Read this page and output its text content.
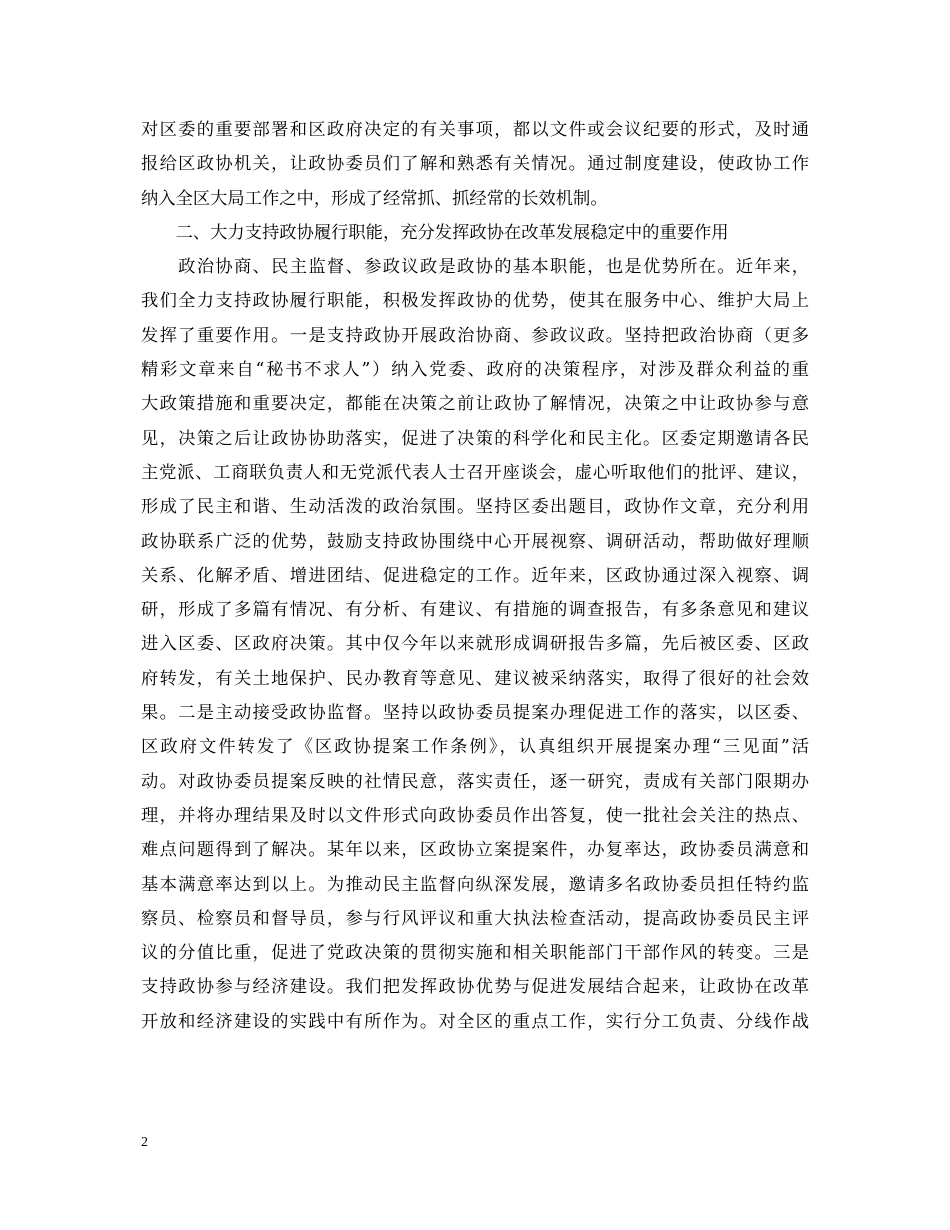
对区委的重要部署和区政府决定的有关事项，都以文件或会议纪要的形式，及时通
报给区政协机关，让政协委员们了解和熟悉有关情况。通过制度建设，使政协工作
纳入全区大局工作之中，形成了经常抓、抓经常的长效机制。
　　二、大力支持政协履行职能，充分发挥政协在改革发展稳定中的重要作用
　　政治协商、民主监督、参政议政是政协的基本职能，也是优势所在。近年来，
我们全力支持政协履行职能，积极发挥政协的优势，使其在服务中心、维护大局上
发挥了重要作用。一是支持政协开展政治协商、参政议政。坚持把政治协商（更多
精彩文章来自“秘书不求人”）纳入党委、政府的决策程序，对涉及群众利益的重
大政策措施和重要决定，都能在决策之前让政协了解情况，决策之中让政协参与意
见，决策之后让政协协助落实，促进了决策的科学化和民主化。区委定期邀请各民
主党派、工商联负责人和无党派代表人士召开座谈会，虚心听取他们的批评、建议，
形成了民主和谐、生动活泼的政治氛围。坚持区委出题目，政协作文章，充分利用
政协联系广泛的优势，鼓励支持政协围绕中心开展视察、调研活动，帮助做好理顺
关系、化解矛盾、增进团结、促进稳定的工作。近年来，区政协通过深入视察、调
研，形成了多篇有情况、有分析、有建议、有措施的调查报告，有多条意见和建议
进入区委、区政府决策。其中仅今年以来就形成调研报告多篇，先后被区委、区政
府转发，有关土地保护、民办教育等意见、建议被采纳落实，取得了很好的社会效
果。二是主动接受政协监督。坚持以政协委员提案办理促进工作的落实，以区委、
区政府文件转发了《区政协提案工作条例》，认真组织开展提案办理“三见面”活
动。对政协委员提案反映的社情民意，落实责任，逐一研究，责成有关部门限期办
理，并将办理结果及时以文件形式向政协委员作出答复，使一批社会关注的热点、
难点问题得到了解决。某年以来，区政协立案提案件，办复率达，政协委员满意和
基本满意率达到以上。为推动民主监督向纵深发展，邀请多名政协委员担任特约监
察员、检察员和督导员，参与行风评议和重大执法检查活动，提高政协委员民主评
议的分值比重，促进了党政决策的贯彻实施和相关职能部门干部作风的转变。三是
支持政协参与经济建设。我们把发挥政协优势与促进发展结合起来，让政协在改革
开放和经济建设的实践中有所作为。对全区的重点工作，实行分工负责、分线作战
2
